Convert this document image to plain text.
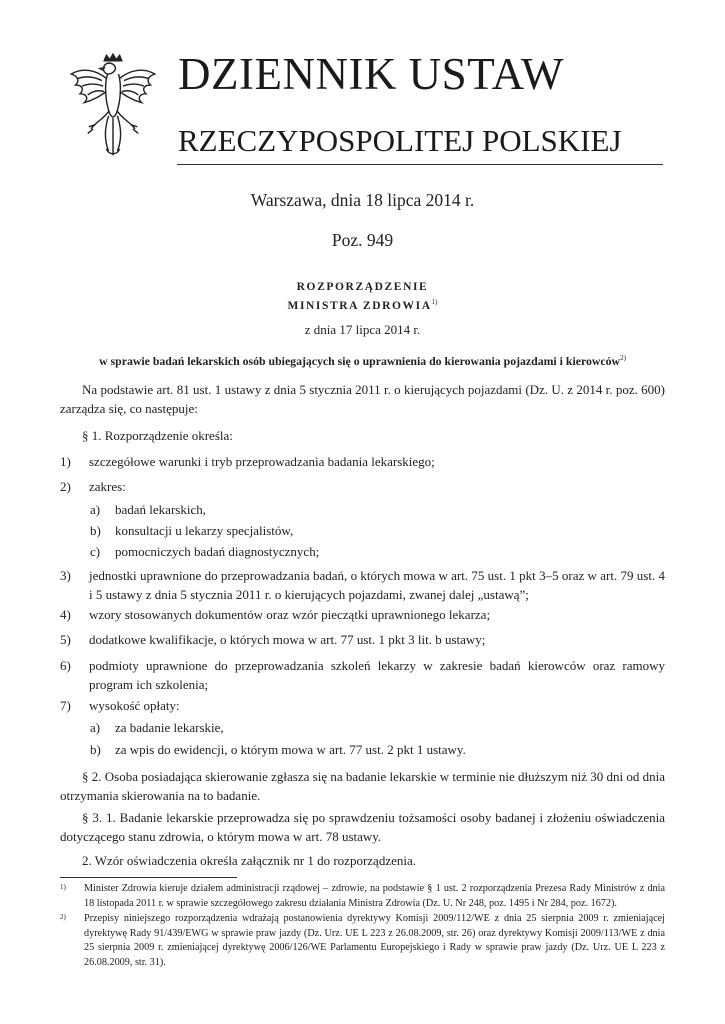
DZIENNIK USTAW
RZECZYPOSPOLITEJ POLSKIEJ
Warszawa, dnia 18 lipca 2014 r.
Poz. 949
ROZPORZĄDZENIE
MINISTRA ZDROWIA$^{1)}$
z dnia 17 lipca 2014 r.
w sprawie badań lekarskich osób ubiegających się o uprawnienia do kierowania pojazdami i kierowców$^{2)}$
Na podstawie art. 81 ust. 1 ustawy z dnia 5 stycznia 2011 r. o kierujących pojazdami (Dz. U. z 2014 r. poz. 600) zarządza się, co następuje:
§ 1. Rozporządzenie określa:
1) szczegółowe warunki i tryb przeprowadzania badania lekarskiego;
2) zakres:
a) badań lekarskich,
b) konsultacji u lekarzy specjalistów,
c) pomocniczych badań diagnostycznych;
3) jednostki uprawnione do przeprowadzania badań, o których mowa w art. 75 ust. 1 pkt 3–5 oraz w art. 79 ust. 4 i 5 ustawy z dnia 5 stycznia 2011 r. o kierujących pojazdami, zwanej dalej „ustawą”;
4) wzory stosowanych dokumentów oraz wzór pieczątki uprawnionego lekarza;
5) dodatkowe kwalifikacje, o których mowa w art. 77 ust. 1 pkt 3 lit. b ustawy;
6) podmioty uprawnione do przeprowadzania szkoleń lekarzy w zakresie badań kierowców oraz ramowy program ich szkolenia;
7) wysokość opłaty:
a) za badanie lekarskie,
b) za wpis do ewidencji, o którym mowa w art. 77 ust. 2 pkt 1 ustawy.
§ 2. Osoba posiadająca skierowanie zgłasza się na badanie lekarskie w terminie nie dłuższym niż 30 dni od dnia otrzymania skierowania na to badanie.
§ 3. 1. Badanie lekarskie przeprowadza się po sprawdzeniu tożsamości osoby badanej i złożeniu oświadczenia dotyczącego stanu zdrowia, o którym mowa w art. 78 ustawy.
2. Wzór oświadczenia określa załącznik nr 1 do rozporządzenia.
1) Minister Zdrowia kieruje działem administracji rządowej – zdrowie, na podstawie § 1 ust. 2 rozporządzenia Prezesa Rady Ministrów z dnia 18 listopada 2011 r. w sprawie szczegółowego zakresu działania Ministra Zdrowia (Dz. U. Nr 248, poz. 1495 i Nr 284, poz. 1672).
2) Przepisy niniejszego rozporządzenia wdrażają postanowienia dyrektywy Komisji 2009/112/WE z dnia 25 sierpnia 2009 r. zmieniającej dyrektywę Rady 91/439/EWG w sprawie praw jazdy (Dz. Urz. UE L 223 z 26.08.2009, str. 26) oraz dyrektywy Komisji 2009/113/WE z dnia 25 sierpnia 2009 r. zmieniającej dyrektywę 2006/126/WE Parlamentu Europejskiego i Rady w sprawie praw jazdy (Dz. Urz. UE L 223 z 26.08.2009, str. 31).
